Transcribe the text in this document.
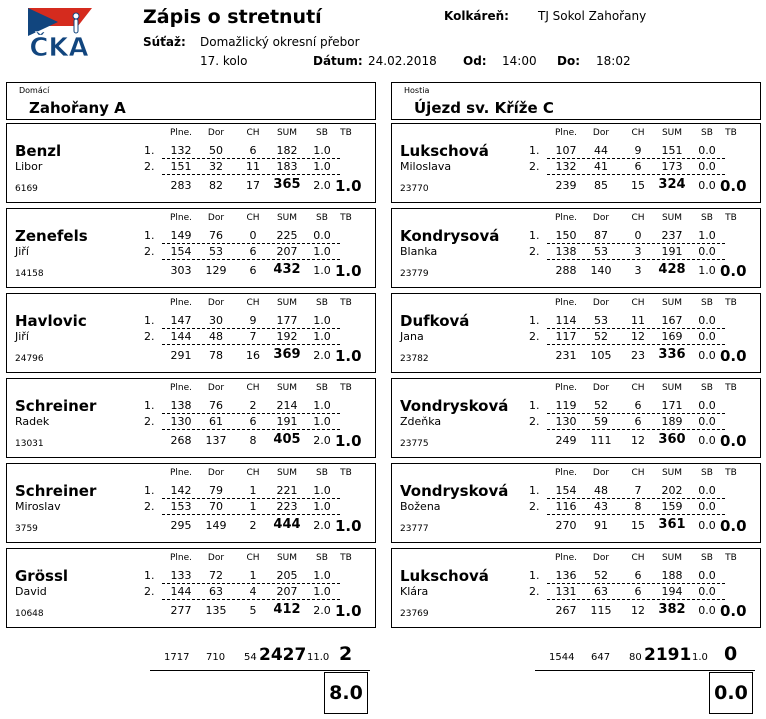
ČKA
Zápis o stretnutí	Kolkáreň: TJ Sokol Zahořany
Súťaž: Domažlický okresní přebor
17. kolo	Dátum: 24.02.2018 Od: 14:00 Do: 18:02
Domácí
Zahořany A
Hostia
Újezd sv. Kříže C
Plne.	Dor	CH	SUM	SB	TB
Benzl
Libor
6169
1.
2.
132	50	6	182	1.0
151	32	11	183	1.0
283	82	17	365	2.0 1.0
Plne.	Dor	CH	SUM	SB	TB
Zenefels
Jiří
14158
1.
2.
149	76	0	225	0.0
154	53	6	207	1.0
303	129	6	432	1.0 1.0
Plne.	Dor	CH	SUM	SB	TB
Havlovic
Jiří
24796
1.
2.
147	30	9	177	1.0
144	48	7	192	1.0
291	78	16	369	2.0 1.0
Plne.	Dor	CH	SUM	SB	TB
Schreiner
Radek
13031
1.
2.
138	76	2	214	1.0
130	61	6	191	1.0
268	137	8	405	2.0 1.0
Plne.	Dor	CH	SUM	SB	TB
Schreiner
Miroslav
3759
1.
2.
142	79	1	221	1.0
153	70	1	223	1.0
295	149	2	444	2.0 1.0
Plne.	Dor	CH	SUM	SB	TB
Grössl
David
10648
1.
2.
133	72	1	205	1.0
144	63	4	207	1.0
277	135	5	412	2.0 1.0
Plne.	Dor	CH	SUM	SB	TB
Lukschová
Miloslava
23770
1.
2.
107	44	9	151	0.0
132	41	6	173	0.0
239	85	15	324	0.0 0.0
Plne.	Dor	CH	SUM	SB	TB
Kondrysová
Blanka
23779
1.
2.
150	87	0	237	1.0
138	53	3	191	0.0
288	140	3	428	1.0 0.0
Plne.	Dor	CH	SUM	SB	TB
Dufková
Jana
23782
1.
2.
114	53	11	167	0.0
117	52	12	169	0.0
231	105	23	336	0.0 0.0
Plne.	Dor	CH	SUM	SB	TB
Vondrysková
Zdeňka
23775
1.
2.
119	52	6	171	0.0
130	59	6	189	0.0
249	111	12	360	0.0 0.0
Plne.	Dor	CH	SUM	SB	TB
Vondrysková
Božena
23777
1.
2.
154	48	7	202	0.0
116	43	8	159	0.0
270	91	15	361	0.0 0.0
Plne.	Dor	CH	SUM	SB	TB
Lukschová
Klára
23769
1.
2.
136	52	6	188	0.0
131	63	6	194	0.0
267	115	12	382	0.0 0.0
1717 710 54 2427 11.0 2
8.0
1544 647 80 2191 1.0 0
0.0
